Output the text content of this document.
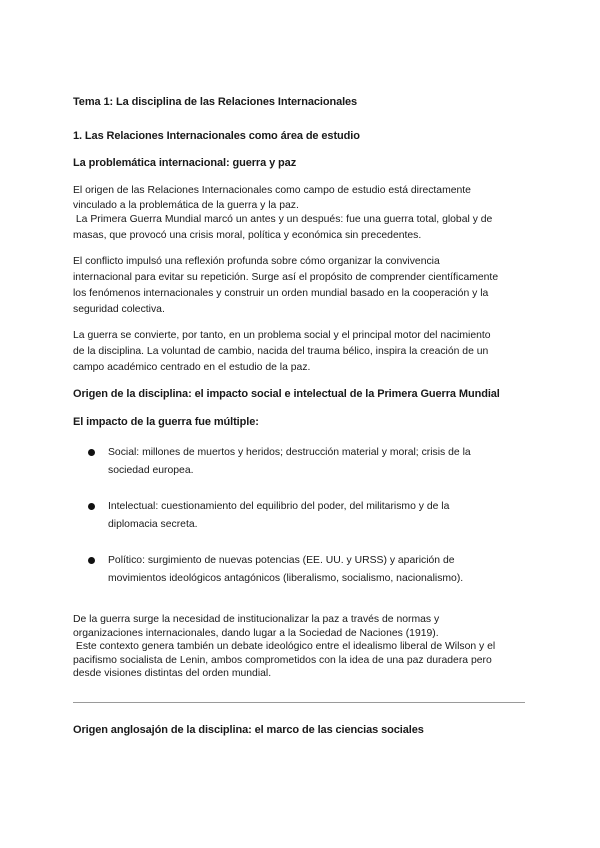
Tema 1: La disciplina de las Relaciones Internacionales

1. Las Relaciones Internacionales como área de estudio

La problemática internacional: guerra y paz

El origen de las Relaciones Internacionales como campo de estudio está directamente
vinculado a la problemática de la guerra y la paz.
La Primera Guerra Mundial marcó un antes y un después: fue una guerra total, global y de
masas, que provocó una crisis moral, política y económica sin precedentes.

El conflicto impulsó una reflexión profunda sobre cómo organizar la convivencia
internacional para evitar su repetición. Surge así el propósito de comprender científicamente
los fenómenos internacionales y construir un orden mundial basado en la cooperación y la
seguridad colectiva.

La guerra se convierte, por tanto, en un problema social y el principal motor del nacimiento
de la disciplina. La voluntad de cambio, nacida del trauma bélico, inspira la creación de un
campo académico centrado en el estudio de la paz.

Origen de la disciplina: el impacto social e intelectual de la Primera Guerra Mundial

El impacto de la guerra fue múltiple:

Social: millones de muertos y heridos; destrucción material y moral; crisis de la
sociedad europea.
Intelectual: cuestionamiento del equilibrio del poder, del militarismo y de la
diplomacia secreta.
Político: surgimiento de nuevas potencias (EE. UU. y URSS) y aparición de
movimientos ideológicos antagónicos (liberalismo, socialismo, nacionalismo).

De la guerra surge la necesidad de institucionalizar la paz a través de normas y
organizaciones internacionales, dando lugar a la Sociedad de Naciones (1919).
Este contexto genera también un debate ideológico entre el idealismo liberal de Wilson y el
pacifismo socialista de Lenin, ambos comprometidos con la idea de una paz duradera pero
desde visiones distintas del orden mundial.

Origen anglosajón de la disciplina: el marco de las ciencias sociales
